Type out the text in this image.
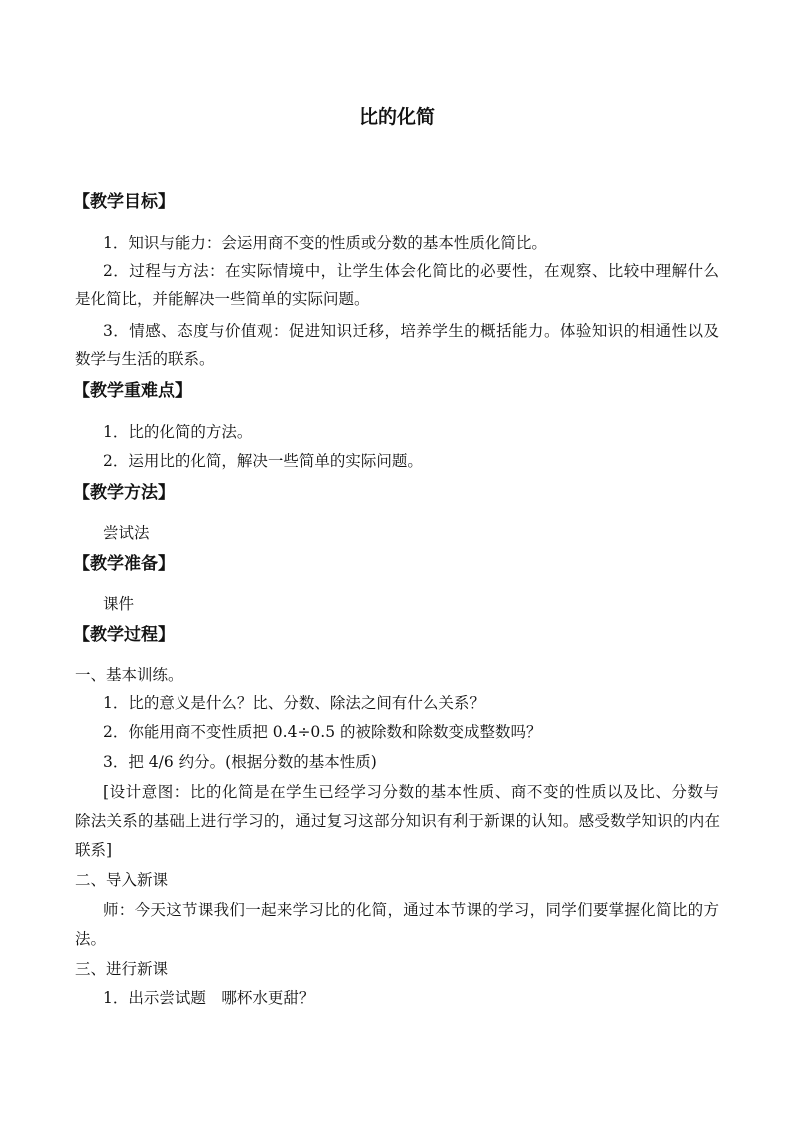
比的化简
【教学目标】
1．知识与能力：会运用商不变的性质或分数的基本性质化简比。
2．过程与方法：在实际情境中，让学生体会化简比的必要性，在观察、比较中理解什么
是化简比，并能解决一些简单的实际问题。
3．情感、态度与价值观：促进知识迁移，培养学生的概括能力。体验知识的相通性以及
数学与生活的联系。
【教学重难点】
1．比的化简的方法。
2．运用比的化简，解决一些简单的实际问题。
【教学方法】
尝试法
【教学准备】
课件
【教学过程】
一、基本训练。
1．比的意义是什么？比、分数、除法之间有什么关系？
2．你能用商不变性质把 0.4÷0.5 的被除数和除数变成整数吗？
3．把 4/6 约分。(根据分数的基本性质)
[设计意图：比的化简是在学生已经学习分数的基本性质、商不变的性质以及比、分数与
除法关系的基础上进行学习的，通过复习这部分知识有利于新课的认知。感受数学知识的内在
联系]
二、导入新课
师：今天这节课我们一起来学习比的化简，通过本节课的学习，同学们要掌握化简比的方
法。
三、进行新课
1．出示尝试题　哪杯水更甜？
